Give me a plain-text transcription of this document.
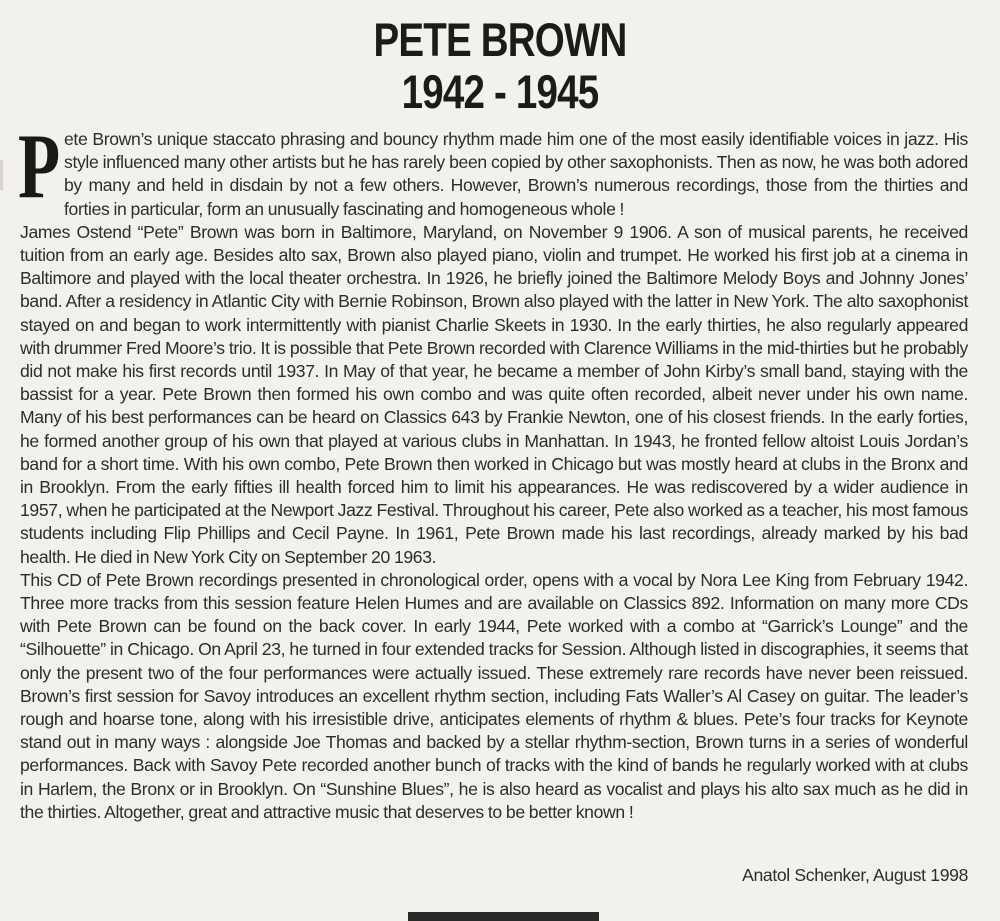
PETE BROWN
1942 - 1945

Pete Brown’s unique staccato phrasing and bouncy rhythm made him one of the most easily identifiable voices in jazz. His style influenced many other artists but he has rarely been copied by other saxophonists. Then as now, he was both adored by many and held in disdain by not a few others. However, Brown’s numerous recordings, those from the thirties and forties in particular, form an unusually fascinating and homogeneous whole !

James Ostend “Pete” Brown was born in Baltimore, Maryland, on November 9 1906. A son of musical parents, he received tuition from an early age. Besides alto sax, Brown also played piano, violin and trumpet. He worked his first job at a cinema in Baltimore and played with the local theater orchestra. In 1926, he briefly joined the Baltimore Melody Boys and Johnny Jones’ band. After a residency in Atlantic City with Bernie Robinson, Brown also played with the latter in New York. The alto saxophonist stayed on and began to work intermittently with pianist Charlie Skeets in 1930. In the early thirties, he also regularly appeared with drummer Fred Moore’s trio. It is possible that Pete Brown recorded with Clarence Williams in the mid-thirties but he probably did not make his first records until 1937. In May of that year, he became a member of John Kirby’s small band, staying with the bassist for a year. Pete Brown then formed his own combo and was quite often recorded, albeit never under his own name. Many of his best performances can be heard on Classics 643 by Frankie Newton, one of his closest friends. In the early forties, he formed another group of his own that played at various clubs in Manhattan. In 1943, he fronted fellow altoist Louis Jordan’s band for a short time. With his own combo, Pete Brown then worked in Chicago but was mostly heard at clubs in the Bronx and in Brooklyn. From the early fifties ill health forced him to limit his appearances. He was rediscovered by a wider audience in 1957, when he participated at the Newport Jazz Festival. Throughout his career, Pete also worked as a teacher, his most famous students including Flip Phillips and Cecil Payne. In 1961, Pete Brown made his last recordings, already marked by his bad health. He died in New York City on September 20 1963.

This CD of Pete Brown recordings presented in chronological order, opens with a vocal by Nora Lee King from February 1942. Three more tracks from this session feature Helen Humes and are available on Classics 892. Information on many more CDs with Pete Brown can be found on the back cover. In early 1944, Pete worked with a combo at “Garrick’s Lounge” and the “Silhouette” in Chicago. On April 23, he turned in four extended tracks for Session. Although listed in discographies, it seems that only the present two of the four performances were actually issued. These extremely rare records have never been reissued. Brown’s first session for Savoy introduces an excellent rhythm section, including Fats Waller’s Al Casey on guitar. The leader’s rough and hoarse tone, along with his irresistible drive, anticipates elements of rhythm & blues. Pete’s four tracks for Keynote stand out in many ways : alongside Joe Thomas and backed by a stellar rhythm-section, Brown turns in a series of wonderful performances. Back with Savoy Pete recorded another bunch of tracks with the kind of bands he regularly worked with at clubs in Harlem, the Bronx or in Brooklyn. On “Sunshine Blues”, he is also heard as vocalist and plays his alto sax much as he did in the thirties. Altogether, great and attractive music that deserves to be better known !

Anatol Schenker, August 1998
